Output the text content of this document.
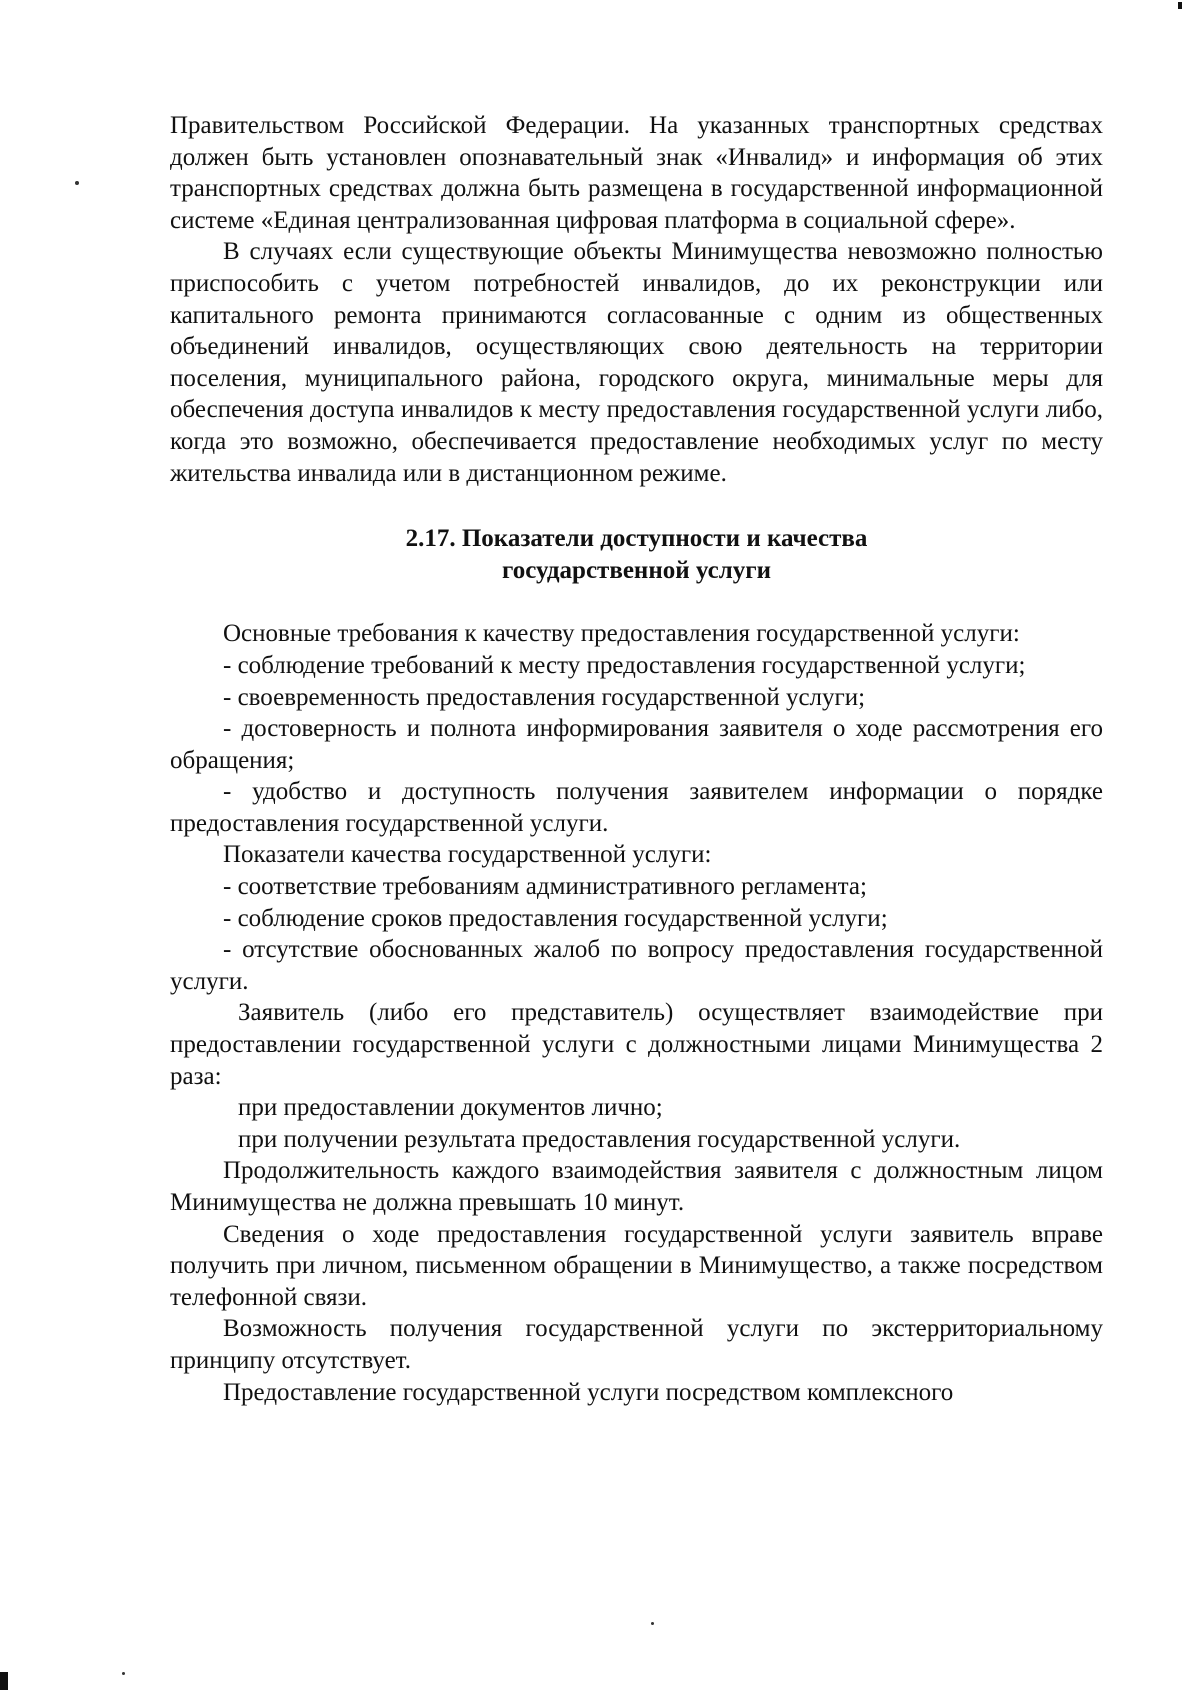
Правительством Российской Федерации. На указанных транспортных средствах должен быть установлен опознавательный знак «Инвалид» и информация об этих транспортных средствах должна быть размещена в государственной информационной системе «Единая централизованная цифровая платформа в социальной сфере».

В случаях если существующие объекты Минимущества невозможно полностью приспособить с учетом потребностей инвалидов, до их реконструкции или капитального ремонта принимаются согласованные с одним из общественных объединений инвалидов, осуществляющих свою деятельность на территории поселения, муниципального района, городского округа, минимальные меры для обеспечения доступа инвалидов к месту предоставления государственной услуги либо, когда это возможно, обеспечивается предоставление необходимых услуг по месту жительства инвалида или в дистанционном режиме.

2.17. Показатели доступности и качества
государственной услуги

Основные требования к качеству предоставления государственной услуги:

- соблюдение требований к месту предоставления государственной услуги;

- своевременность предоставления государственной услуги;

- достоверность и полнота информирования заявителя о ходе рассмотрения его обращения;

- удобство и доступность получения заявителем информации о порядке предоставления государственной услуги.

Показатели качества государственной услуги:

- соответствие требованиям административного регламента;

- соблюдение сроков предоставления государственной услуги;

- отсутствие обоснованных жалоб по вопросу предоставления государственной услуги.

Заявитель (либо его представитель) осуществляет взаимодействие при предоставлении государственной услуги с должностными лицами Минимущества 2 раза:

при предоставлении документов лично;

при получении результата предоставления государственной услуги.

Продолжительность каждого взаимодействия заявителя с должностным лицом Минимущества не должна превышать 10 минут.

Сведения о ходе предоставления государственной услуги заявитель вправе получить при личном, письменном обращении в Минимущество, а также посредством телефонной связи.

Возможность получения государственной услуги по экстерриториальному принципу отсутствует.

Предоставление государственной услуги посредством комплексного
